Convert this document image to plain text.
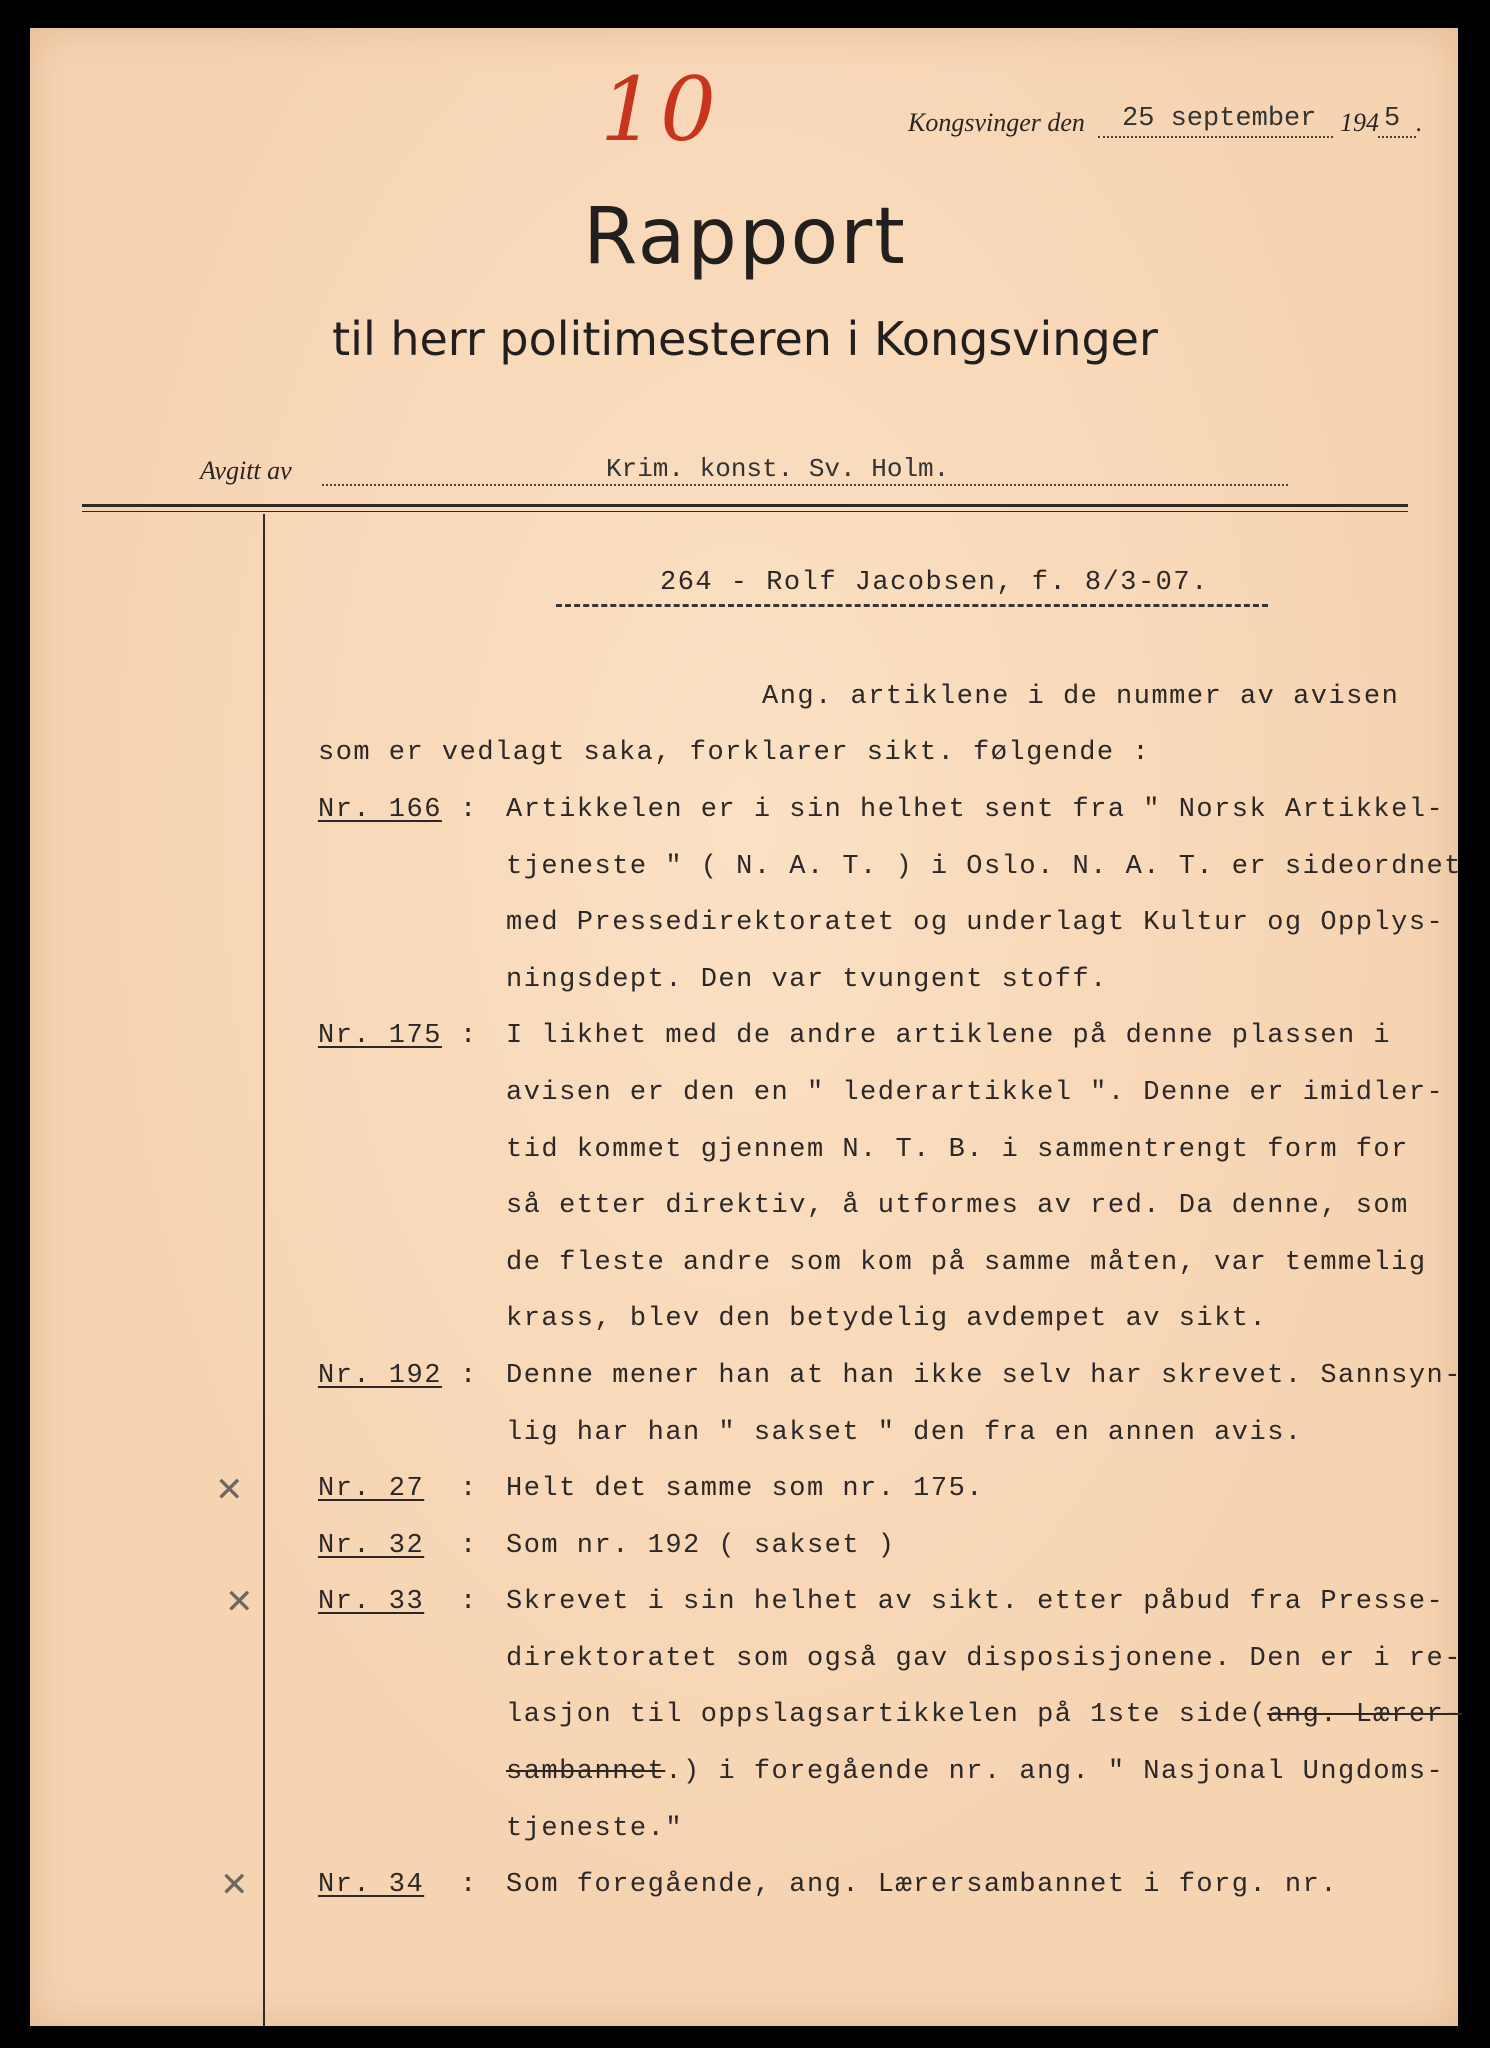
10	Kongsvinger den 25 september 194 5 .
Rapport
til herr politimesteren i Kongsvinger
Avgitt av	Krim. konst. Sv. Holm.
264 - Rolf Jacobsen, f. 8/3-07.
Ang. artiklene i de nummer av avisen
som er vedlagt saka, forklarer sikt. følgende :
Nr. 166 : Artikkelen er i sin helhet sent fra " Norsk Artikkel-
tjeneste " ( N. A. T. ) i Oslo. N. A. T. er sideordnet
med Pressedirektoratet og underlagt Kultur og Opplys-
ningsdept. Den var tvungent stoff.
Nr. 175 : I likhet med de andre artiklene på denne plassen i
avisen er den en " lederartikkel ". Denne er imidler-
tid kommet gjennem N. T. B. i sammentrengt form for
så etter direktiv, å utformes av red. Da denne, som
de fleste andre som kom på samme måten, var temmelig
krass, blev den betydelig avdempet av sikt.
Nr. 192 : Denne mener han at han ikke selv har skrevet. Sannsyn-
lig har han " sakset " den fra en annen avis.
✕	Nr. 27 : Helt det samme som nr. 175.
Nr. 32 : Som nr. 192 ( sakset )
✕ Nr. 33 : Skrevet i sin helhet av sikt. etter påbud fra Presse-
direktoratet som også gav disposisjonene. Den er i re-
lasjon til oppslagsartikkelen på 1ste side(ang. Lærer-
sambannet.) i foregående nr. ang. " Nasjonal Ungdoms-
tjeneste."
✕	Nr. 34 : Som foregående, ang. Lærersambannet i forg. nr.
